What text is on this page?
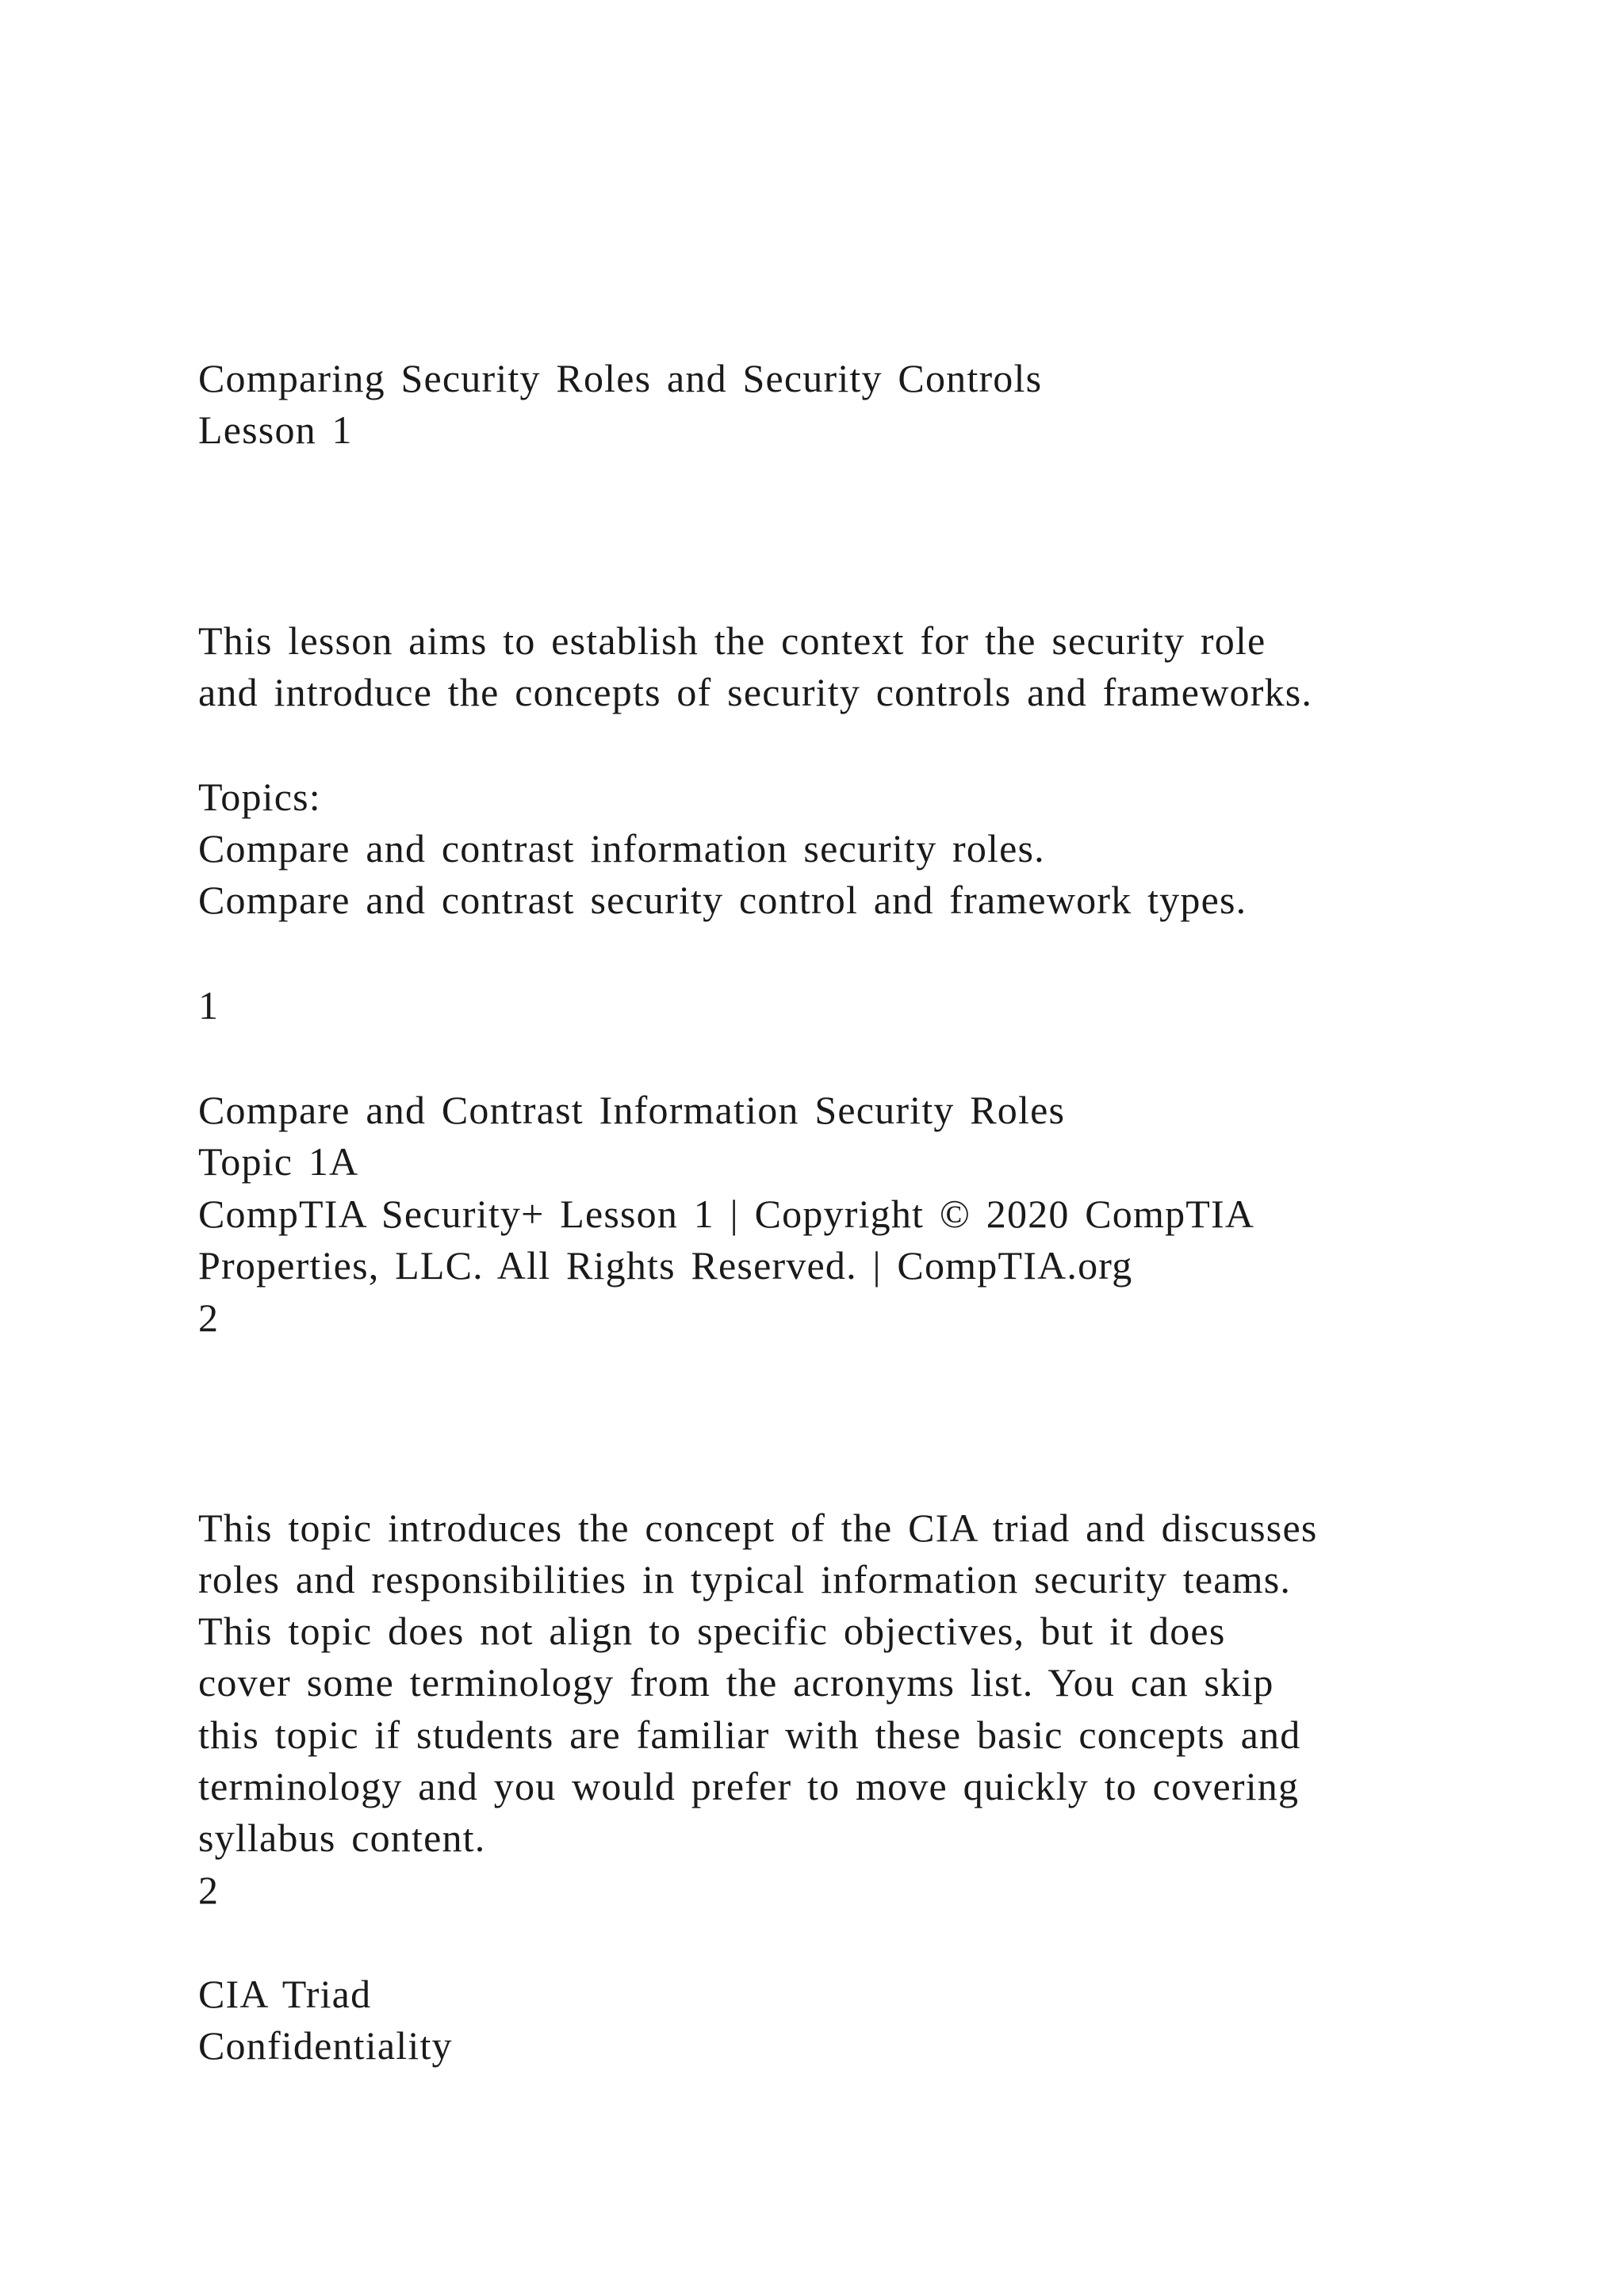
Comparing Security Roles and Security Controls
Lesson 1
This lesson aims to establish the context for the security role
and introduce the concepts of security controls and frameworks.
Topics:
Compare and contrast information security roles.
Compare and contrast security control and framework types.
1
Compare and Contrast Information Security Roles
Topic 1A
CompTIA Security+ Lesson 1 | Copyright © 2020 CompTIA
Properties, LLC. All Rights Reserved. | CompTIA.org
2
This topic introduces the concept of the CIA triad and discusses
roles and responsibilities in typical information security teams.
This topic does not align to specific objectives, but it does
cover some terminology from the acronyms list. You can skip
this topic if students are familiar with these basic concepts and
terminology and you would prefer to move quickly to covering
syllabus content.
2
CIA Triad
Confidentiality
